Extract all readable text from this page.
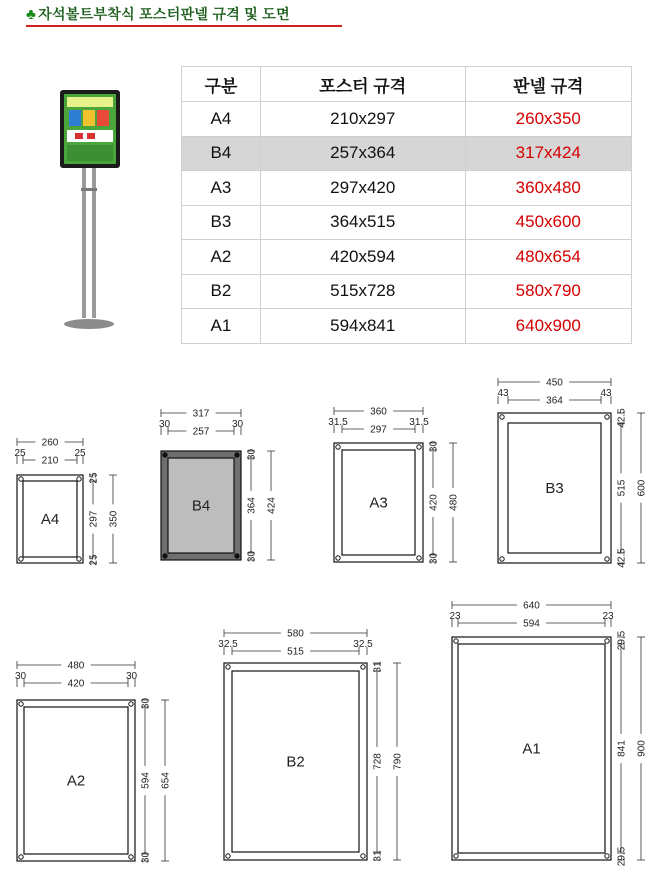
♣ 자석볼트부착식 포스터판넬 규격 및 도면
구분	포스터 규격	판넬 규격
A4	210x297	260x350
B4	257x364	317x424
A3	297x420	360x480
B3	364x515	450x600
A2	420x594	480x654
B2	515x728	580x790
A1	594x841	640x900
A4
260
25	25
210
297
25
25
350
B4
317
30	30
257
364
30
30
424	A3
360
31.5	31.5
297
420
30
30
480
B3
450
43	43
364
515
42.5
42.5
600
A2
480
30	30
420
594
30
30
654
B2
580
32.5	32.5
515
728
31
31
790
A1
640
23	23
594
841
29.5
29.5
900
